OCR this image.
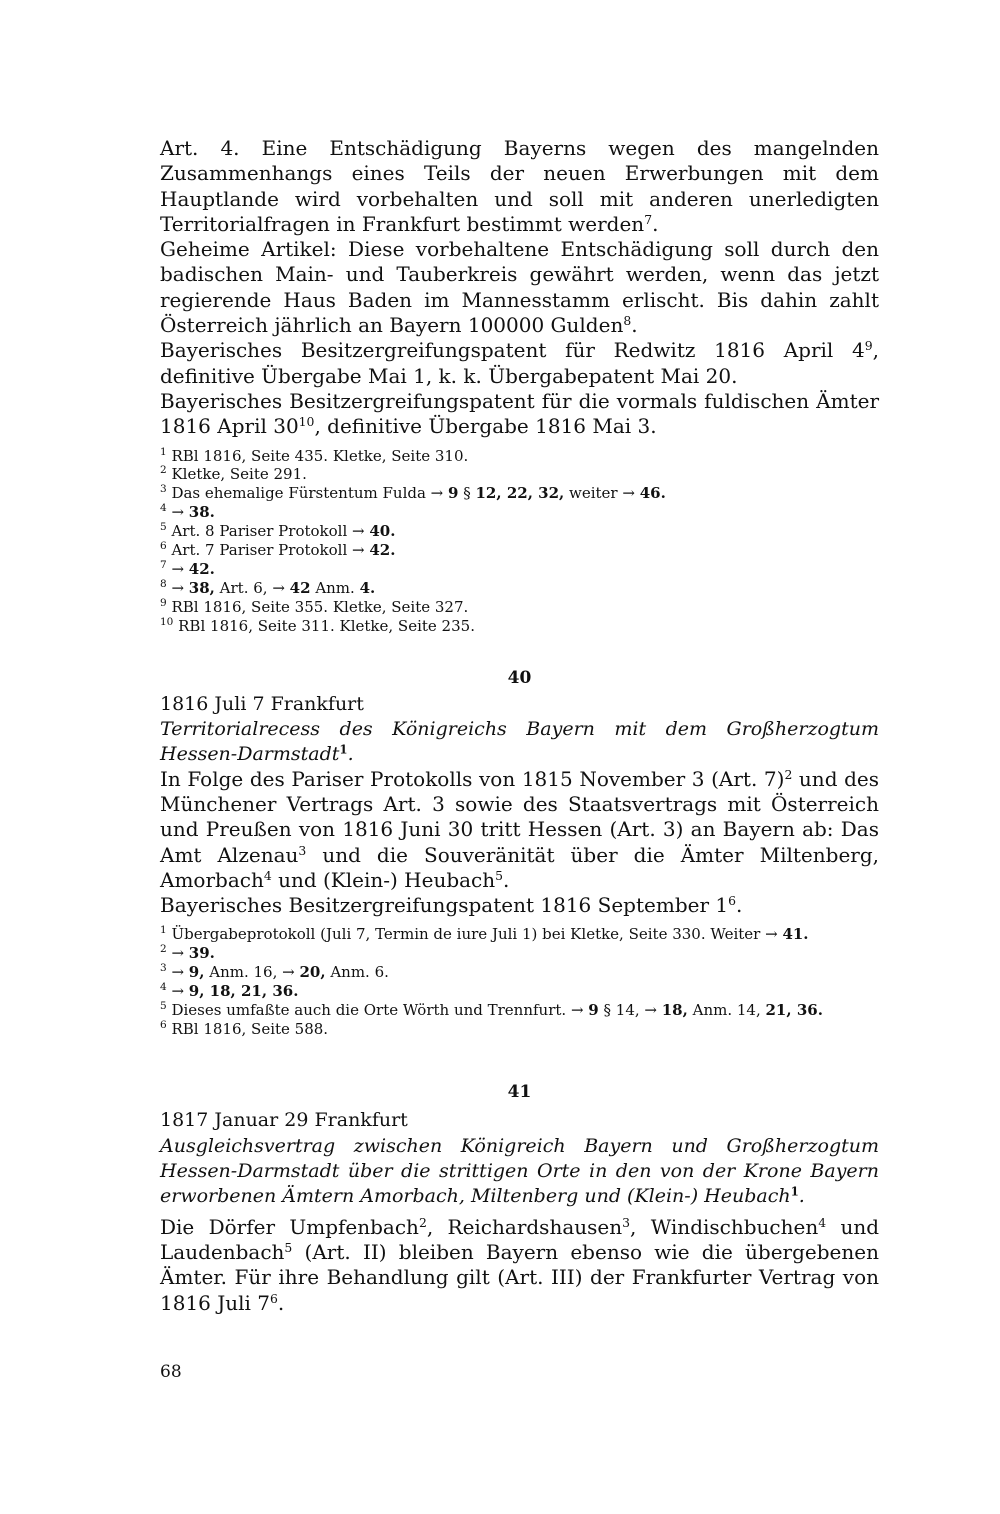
Art. 4. Eine Entschädigung Bayerns wegen des mangelnden Zusammenhangs eines Teils der neuen Erwerbungen mit dem Hauptlande wird vorbehalten und soll mit anderen unerledigten Territorialfragen in Frankfurt bestimmt werden$^7$.

Geheime Artikel: Diese vorbehaltene Entschädigung soll durch den badischen Main- und Tauberkreis gewährt werden, wenn das jetzt regierende Haus Baden im Mannesstamm erlischt. Bis dahin zahlt Österreich jährlich an Bayern 100000 Gulden$^8$.

Bayerisches Besitzergreifungspatent für Redwitz 1816 April $4^9$, definitive Übergabe Mai 1, k. k. Übergabepatent Mai 20.

Bayerisches Besitzergreifungspatent für die vormals fuldischen Ämter 1816 April $30^{10}$, definitive Übergabe 1816 Mai 3.

$^1$ RBl 1816, Seite 435. Kletke, Seite 310.
$^2$ Kletke, Seite 291.
$^3$ Das ehemalige Fürstentum Fulda → 9 § 12, 22, 32, weiter → 46.
$^4$ → 38.
$^5$ Art. 8 Pariser Protokoll → 40.
$^6$ Art. 7 Pariser Protokoll → 42.
$^7$ → 42.
$^8$ → 38, Art. 6, → 42 Anm. 4.
$^9$ RBl 1816, Seite 355. Kletke, Seite 327.
$^{10}$ RBl 1816, Seite 311. Kletke, Seite 235.
40
1816 Juli 7 Frankfurt
Territorialrecess des Königreichs Bayern mit dem Großherzogtum Hessen-Darmstadt$^1$.

In Folge des Pariser Protokolls von 1815 November 3 (Art. 7)$^2$ und des Münchener Vertrags Art. 3 sowie des Staatsvertrags mit Österreich und Preußen von 1816 Juni 30 tritt Hessen (Art. 3) an Bayern ab: Das Amt Alzenau$^3$ und die Souveränität über die Ämter Miltenberg, Amorbach$^4$ und (Klein-) Heubach$^5$.

Bayerisches Besitzergreifungspatent 1816 September $1^6$.

$^1$ Übergabeprotokoll (Juli 7, Termin de iure Juli 1) bei Kletke, Seite 330. Weiter → 41.
$^2$ → 39.
$^3$ → 9, Anm. 16, → 20, Anm. 6.
$^4$ → 9, 18, 21, 36.
$^5$ Dieses umfaßte auch die Orte Wörth und Trennfurt. → 9 § 14, → 18, Anm. 14, 21, 36.
$^6$ RBl 1816, Seite 588.
41
1817 Januar 29 Frankfurt
Ausgleichsvertrag zwischen Königreich Bayern und Großherzogtum Hessen-Darmstadt über die strittigen Orte in den von der Krone Bayern erworbenen Ämtern Amorbach, Miltenberg und (Klein-) Heubach$^1$.

Die Dörfer Umpfenbach$^2$, Reichardshausen$^3$, Windischbuchen$^4$ und Laudenbach$^5$ (Art. II) bleiben Bayern ebenso wie die übergebenen Ämter. Für ihre Behandlung gilt (Art. III) der Frankfurter Vertrag von 1816 Juli $7^6$.

68
